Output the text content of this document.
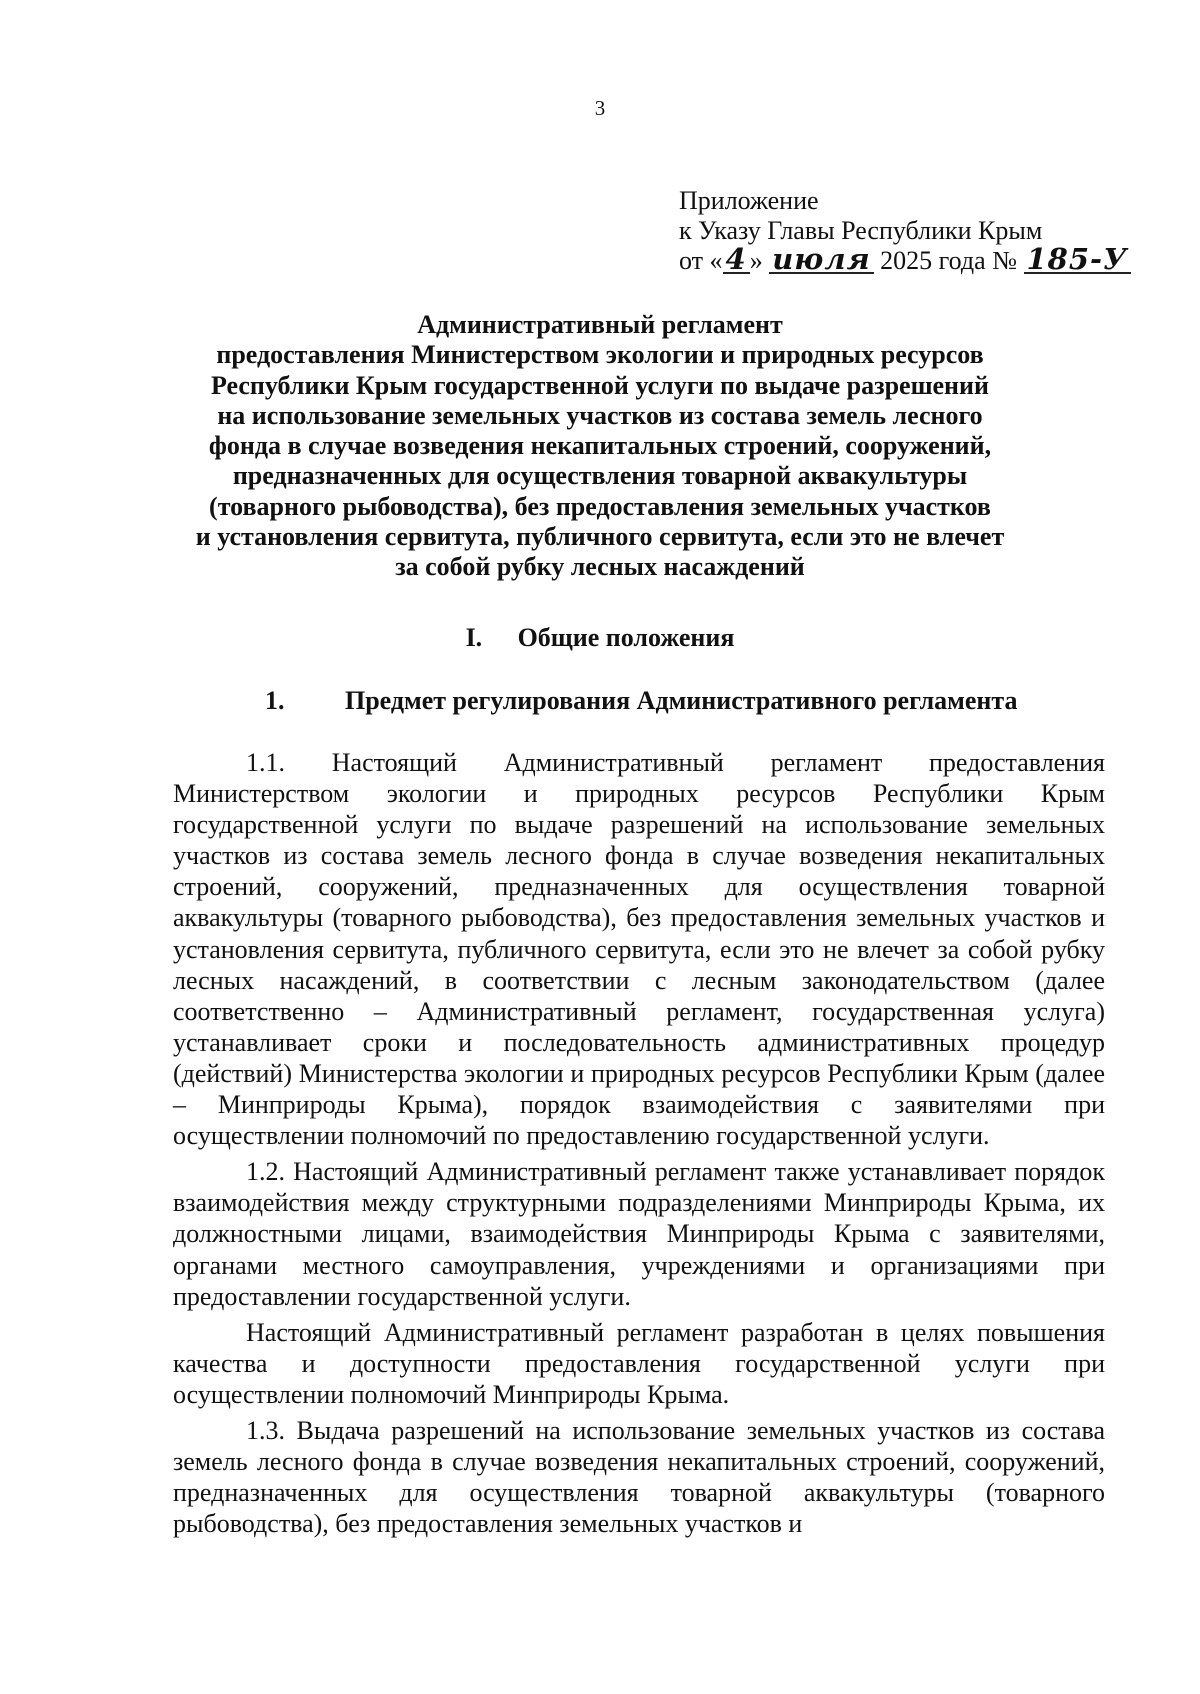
3
Приложение
к Указу Главы Республики Крым
от « 4 » июля 2025 года № 185-У
Административный регламент
предоставления Министерством экологии и природных ресурсов
Республики Крым государственной услуги по выдаче разрешений
на использование земельных участков из состава земель лесного
фонда в случае возведения некапитальных строений, сооружений,
предназначенных для осуществления товарной аквакультуры
(товарного рыбоводства), без предоставления земельных участков
и установления сервитута, публичного сервитута, если это не влечет
за собой рубку лесных насаждений
I. Общие положения
1. Предмет регулирования Административного регламента

1.1. Настоящий Административный регламент предоставления Министерством экологии и природных ресурсов Республики Крым государственной услуги по выдаче разрешений на использование земельных участков из состава земель лесного фонда в случае возведения некапитальных строений, сооружений, предназначенных для осуществления товарной аквакультуры (товарного рыбоводства), без предоставления земельных участков и установления сервитута, публичного сервитута, если это не влечет за собой рубку лесных насаждений, в соответствии с лесным законодательством (далее соответственно – Административный регламент, государственная услуга) устанавливает сроки и последовательность административных процедур (действий) Министерства экологии и природных ресурсов Республики Крым (далее – Минприроды Крыма), порядок взаимодействия с заявителями при осуществлении полномочий по предоставлению государственной услуги.

1.2. Настоящий Административный регламент также устанавливает порядок взаимодействия между структурными подразделениями Минприроды Крыма, их должностными лицами, взаимодействия Минприроды Крыма с заявителями, органами местного самоуправления, учреждениями и организациями при предоставлении государственной услуги.

Настоящий Административный регламент разработан в целях повышения качества и доступности предоставления государственной услуги при осуществлении полномочий Минприроды Крыма.

1.3. Выдача разрешений на использование земельных участков из состава земель лесного фонда в случае возведения некапитальных строений, сооружений, предназначенных для осуществления товарной аквакультуры (товарного рыбоводства), без предоставления земельных участков и
